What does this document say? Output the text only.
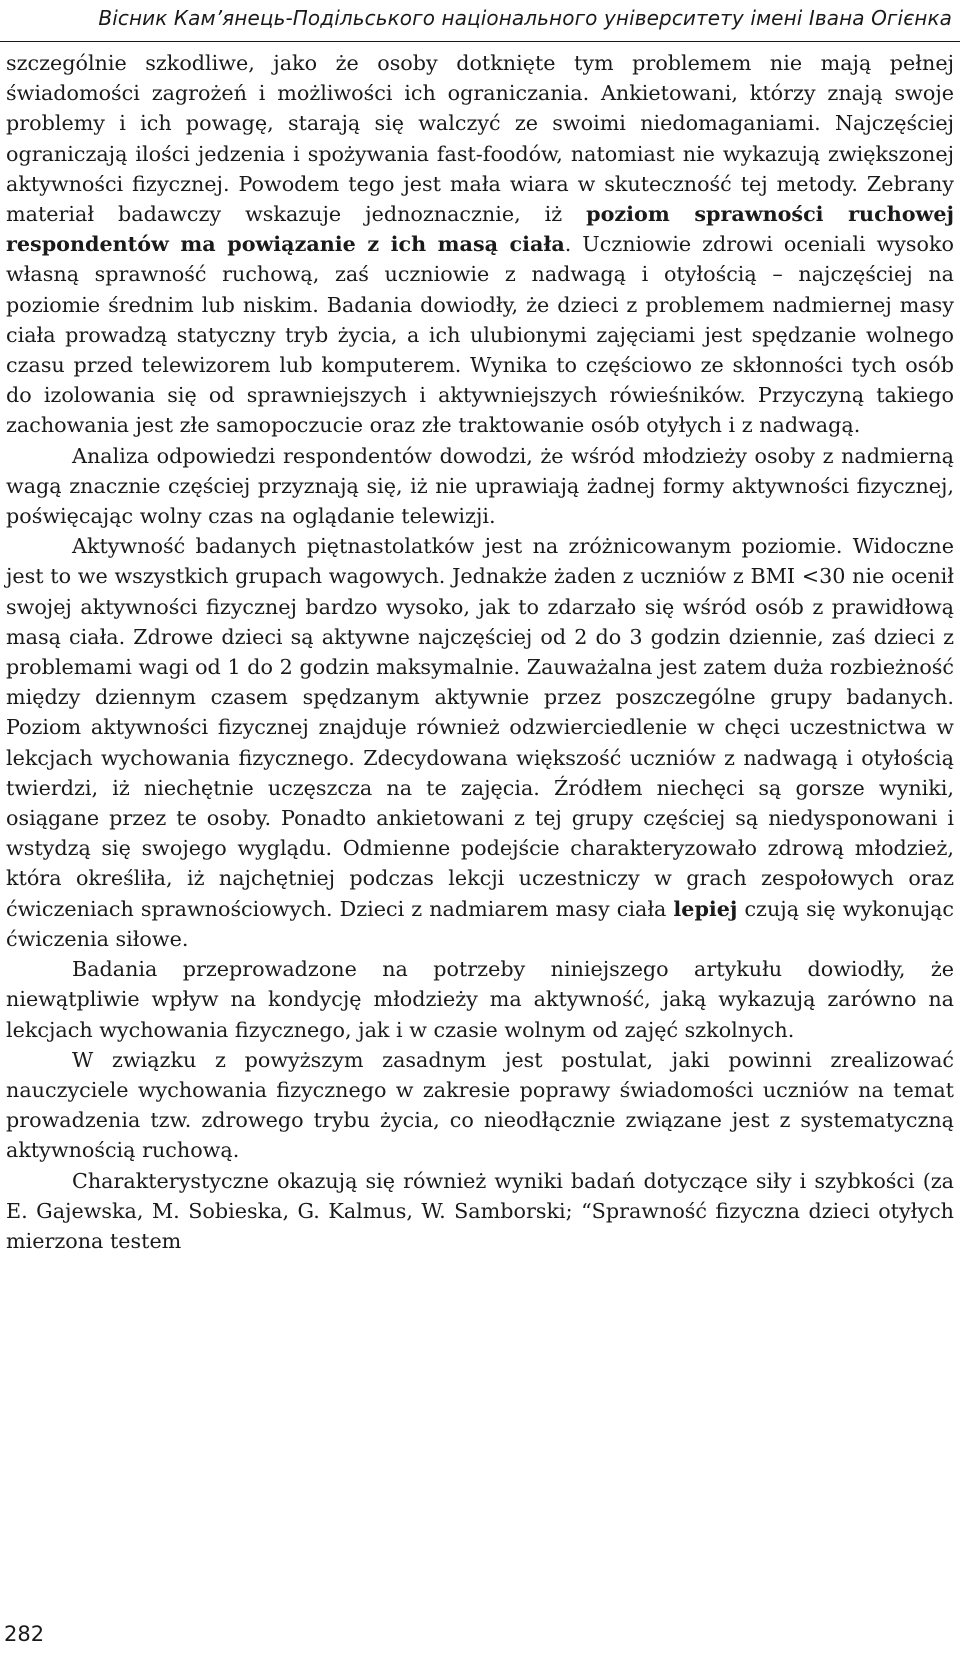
Вісник Кам’янець-Подільського національного університету імені Івана Огієнка

szczególnie szkodliwe, jako że osoby dotknięte tym problemem nie mają pełnej świadomości zagrożeń i możliwości ich ograniczania. Ankietowani, którzy znają swoje problemy i ich powagę, starają się walczyć ze swoimi niedomaganiami. Najczęściej ograniczają ilości jedzenia i spożywania fast-foodów, natomiast nie wykazują zwiększonej aktywności fizycznej. Powodem tego jest mała wiara w skuteczność tej metody. Zebrany materiał badawczy wskazuje jednoznacznie, iż poziom sprawności ruchowej respondentów ma powiązanie z ich masą ciała. Uczniowie zdrowi oceniali wysoko własną sprawność ruchową, zaś uczniowie z nadwagą i otyłością – najczęściej na poziomie średnim lub niskim. Badania dowiodły, że dzieci z problemem nadmiernej masy ciała prowadzą statyczny tryb życia, a ich ulubionymi zajęciami jest spędzanie wolnego czasu przed telewizorem lub komputerem. Wynika to częściowo ze skłonności tych osób do izolowania się od sprawniejszych i aktywniejszych rówieśników. Przyczyną takiego zachowania jest złe samopoczucie oraz złe traktowanie osób otyłych i z nadwagą.

Analiza odpowiedzi respondentów dowodzi, że wśród młodzieży osoby z nadmierną wagą znacznie częściej przyznają się, iż nie uprawiają żadnej formy aktywności fizycznej, poświęcając wolny czas na oglądanie telewizji.

Aktywność badanych piętnastolatków jest na zróżnicowanym poziomie. Widoczne jest to we wszystkich grupach wagowych. Jednakże żaden z uczniów z BMI <30 nie ocenił swojej aktywności fizycznej bardzo wysoko, jak to zdarzało się wśród osób z prawidłową masą ciała. Zdrowe dzieci są aktywne najczęściej od 2 do 3 godzin dziennie, zaś dzieci z problemami wagi od 1 do 2 godzin maksymalnie. Zauważalna jest zatem duża rozbieżność między dziennym czasem spędzanym aktywnie przez poszczególne grupy badanych. Poziom aktywności fizycznej znajduje również odzwierciedlenie w chęci uczestnictwa w lekcjach wychowania fizycznego. Zdecydowana większość uczniów z nadwagą i otyłością twierdzi, iż niechętnie uczęszcza na te zajęcia. Źródłem niechęci są gorsze wyniki, osiągane przez te osoby. Ponadto ankietowani z tej grupy częściej są niedysponowani i wstydzą się swojego wyglądu. Odmienne podejście charakteryzowało zdrową młodzież, która określiła, iż najchętniej podczas lekcji uczestniczy w grach zespołowych oraz ćwiczeniach sprawnościowych. Dzieci z nadmiarem masy ciała lepiej czują się wykonując ćwiczenia siłowe.

Badania przeprowadzone na potrzeby niniejszego artykułu dowiodły, że niewątpliwie wpływ na kondycję młodzieży ma aktywność, jaką wykazują zarówno na lekcjach wychowania fizycznego, jak i w czasie wolnym od zajęć szkolnych.

W związku z powyższym zasadnym jest postulat, jaki powinni zrealizować nauczyciele wychowania fizycznego w zakresie poprawy świadomości uczniów na temat prowadzenia tzw. zdrowego trybu życia, co nieodłącznie związane jest z systematyczną aktywnością ruchową.

Charakterystyczne okazują się również wyniki badań dotyczące siły i szybkości (za E. Gajewska, M. Sobieska, G. Kalmus, W. Samborski; “Sprawność fizyczna dzieci otyłych mierzona testem

282
